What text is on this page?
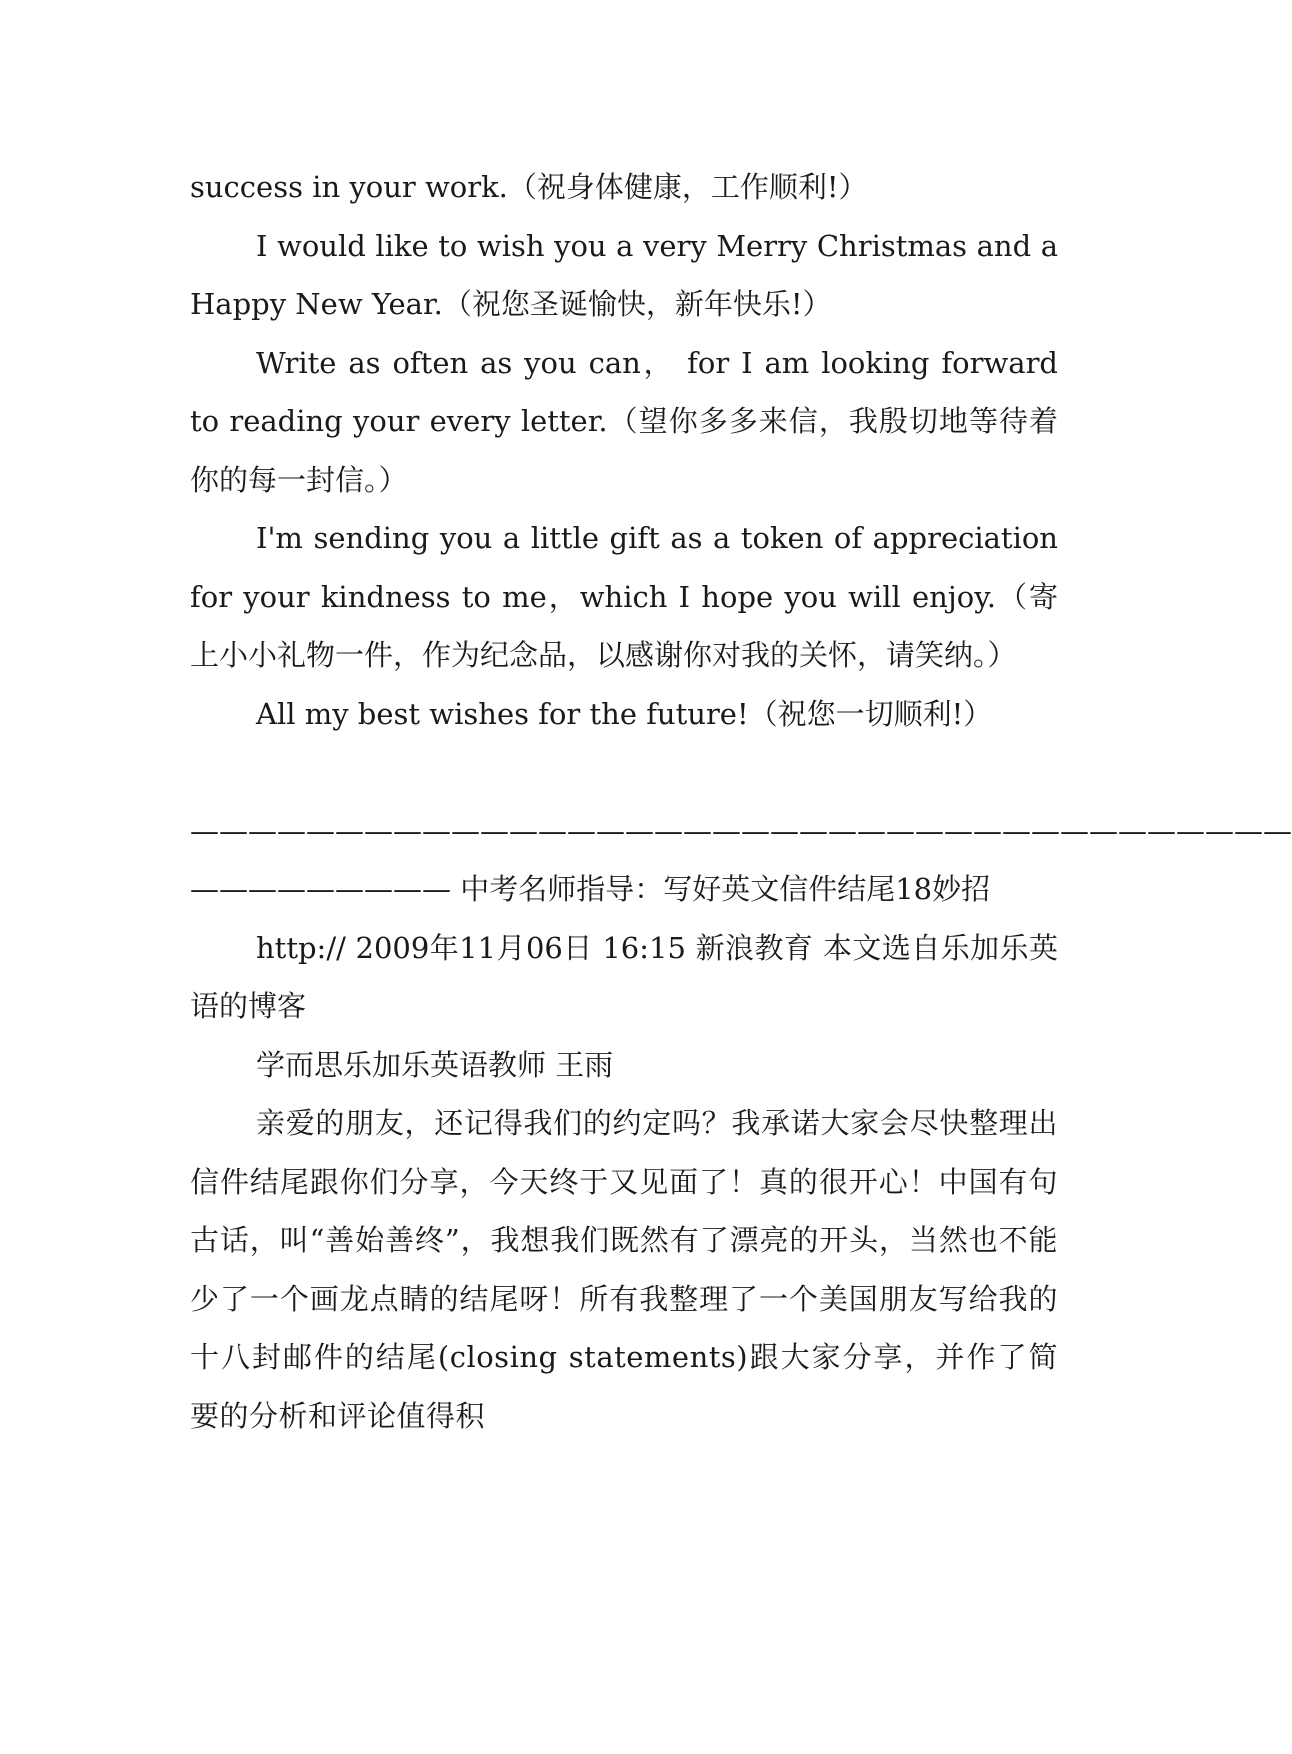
success in your work.（祝身体健康，工作顺利!）

I would like to wish you a very Merry Christmas and a Happy New Year.（祝您圣诞愉快，新年快乐!）

Write as often as you can， for I am looking forward to reading your every letter.（望你多多来信，我殷切地等待着你的每一封信。）

I'm sending you a little gift as a token of appreciation for your kindness to me，which I hope you will enjoy.（寄上小小礼物一件，作为纪念品，以感谢你对我的关怀，请笑纳。）

All my best wishes for the future!（祝您一切顺利!）

——————————————————————————————————————

————————— 中考名师指导：写好英文信件结尾18妙招

http:// 2009年11月06日 16:15 新浪教育 本文选自乐加乐英语的博客

学而思乐加乐英语教师 王雨

亲爱的朋友，还记得我们的约定吗？我承诺大家会尽快整理出信件结尾跟你们分享，今天终于又见面了！真的很开心！中国有句古话，叫“善始善终”，我想我们既然有了漂亮的开头，当然也不能少了一个画龙点睛的结尾呀！所有我整理了一个美国朋友写给我的十八封邮件的结尾(closing statements)跟大家分享，并作了简要的分析和评论值得积
